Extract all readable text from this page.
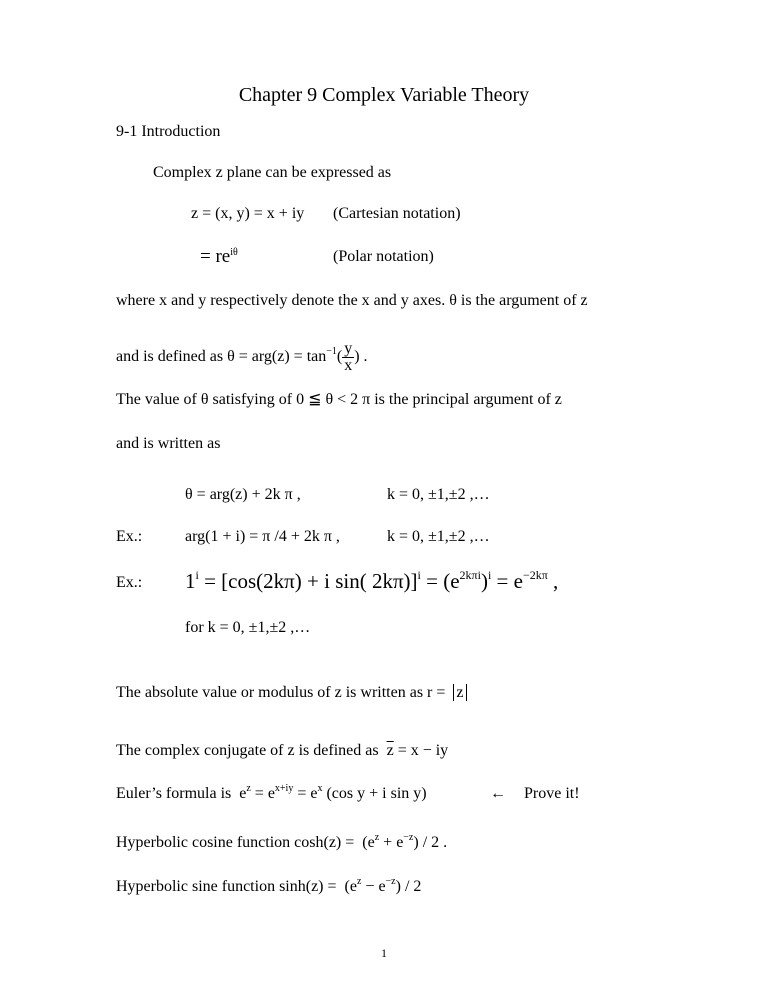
Chapter 9 Complex Variable Theory
9-1 Introduction
Complex z plane can be expressed as
z = (x, y) = x + iy (Cartesian notation)
= $re^{i\theta}$	(Polar notation)
where x and y respectively denote the x and y axes. θ is the argument of z
and is defined as $\theta = arg(z) = \tan^{-1}( \frac{y}{x}$ ) .
The value of θ satisfying of 0 ≦ θ < 2 π is the principal argument of z
and is written as
θ = arg(z) + 2k π ,	k = 0, ±1,±2 ,…
Ex.:	arg(1 + i) = π /4 + 2k π ,	k = 0, ±1,±2 ,…
Ex.: $1^i = [\cos(2k\pi) + i$ sin( $2k\pi)]^i = (e^{2k\pi i})^i = e^{-2k\pi}$ ,
for k = 0, ±1,±2 ,…
The absolute value or modulus of z is written as r = z
The complex conjugate of z is defined as $\overline{z} = x$ − iy
Euler’s formula is $e^z = e^{x+iy} = e^x$ (cos y + i sin y)	← Prove it!
Hyperbolic cosine function $\cosh(z) = (e^z + e^{-z}) / 2$ .
Hyperbolic sine function $\sinh(z) = (e^z - e^{-z}) / 2$
1
